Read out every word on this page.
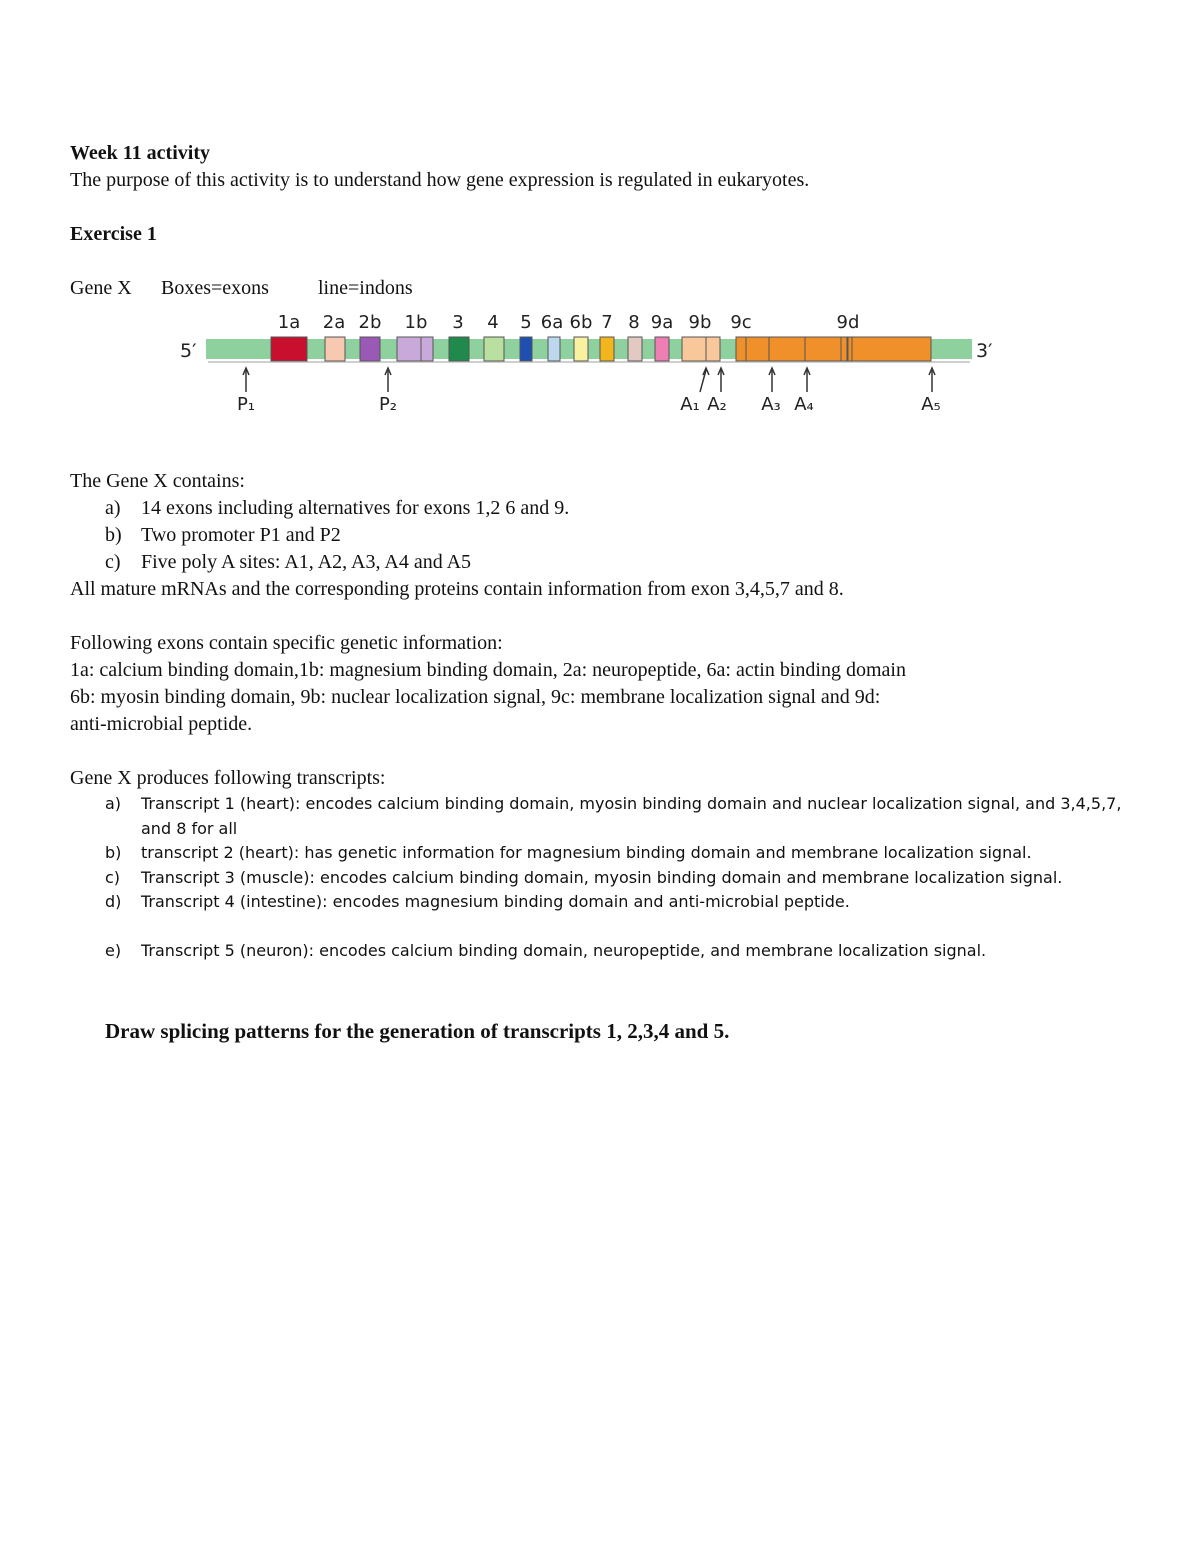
Week 11 activity
The purpose of this activity is to understand how gene expression is regulated in eukaryotes.
Exercise 1
Gene X Boxes=exons line=indons
5′	3′
1a 2a 2b 1b 3 4 5 6a 6b 7 8 9a 9b 9c	9d
P₁	P₂	A₁ A₂ A₃ A₄	A₅
The Gene X contains:
a) 14 exons including alternatives for exons 1,2 6 and 9.
b) Two promoter P1 and P2
c) Five poly A sites: A1, A2, A3, A4 and A5
All mature mRNAs and the corresponding proteins contain information from exon 3,4,5,7 and 8.
Following exons contain specific genetic information:
1a: calcium binding domain,1b: magnesium binding domain, 2a: neuropeptide, 6a: actin binding domain
6b: myosin binding domain, 9b: nuclear localization signal, 9c: membrane localization signal and 9d:
anti-microbial peptide.
Gene X produces following transcripts:
a) Transcript 1 (heart): encodes calcium binding domain, myosin binding domain and nuclear localization signal, and 3,4,5,7, and 8 for all
b) transcript 2 (heart): has genetic information for magnesium binding domain and membrane localization signal.
c) Transcript 3 (muscle): encodes calcium binding domain, myosin binding domain and membrane localization signal.
d) Transcript 4 (intestine): encodes magnesium binding domain and anti-microbial peptide.
e) Transcript 5 (neuron): encodes calcium binding domain, neuropeptide, and membrane localization signal.
Draw splicing patterns for the generation of transcripts 1, 2,3,4 and 5.
